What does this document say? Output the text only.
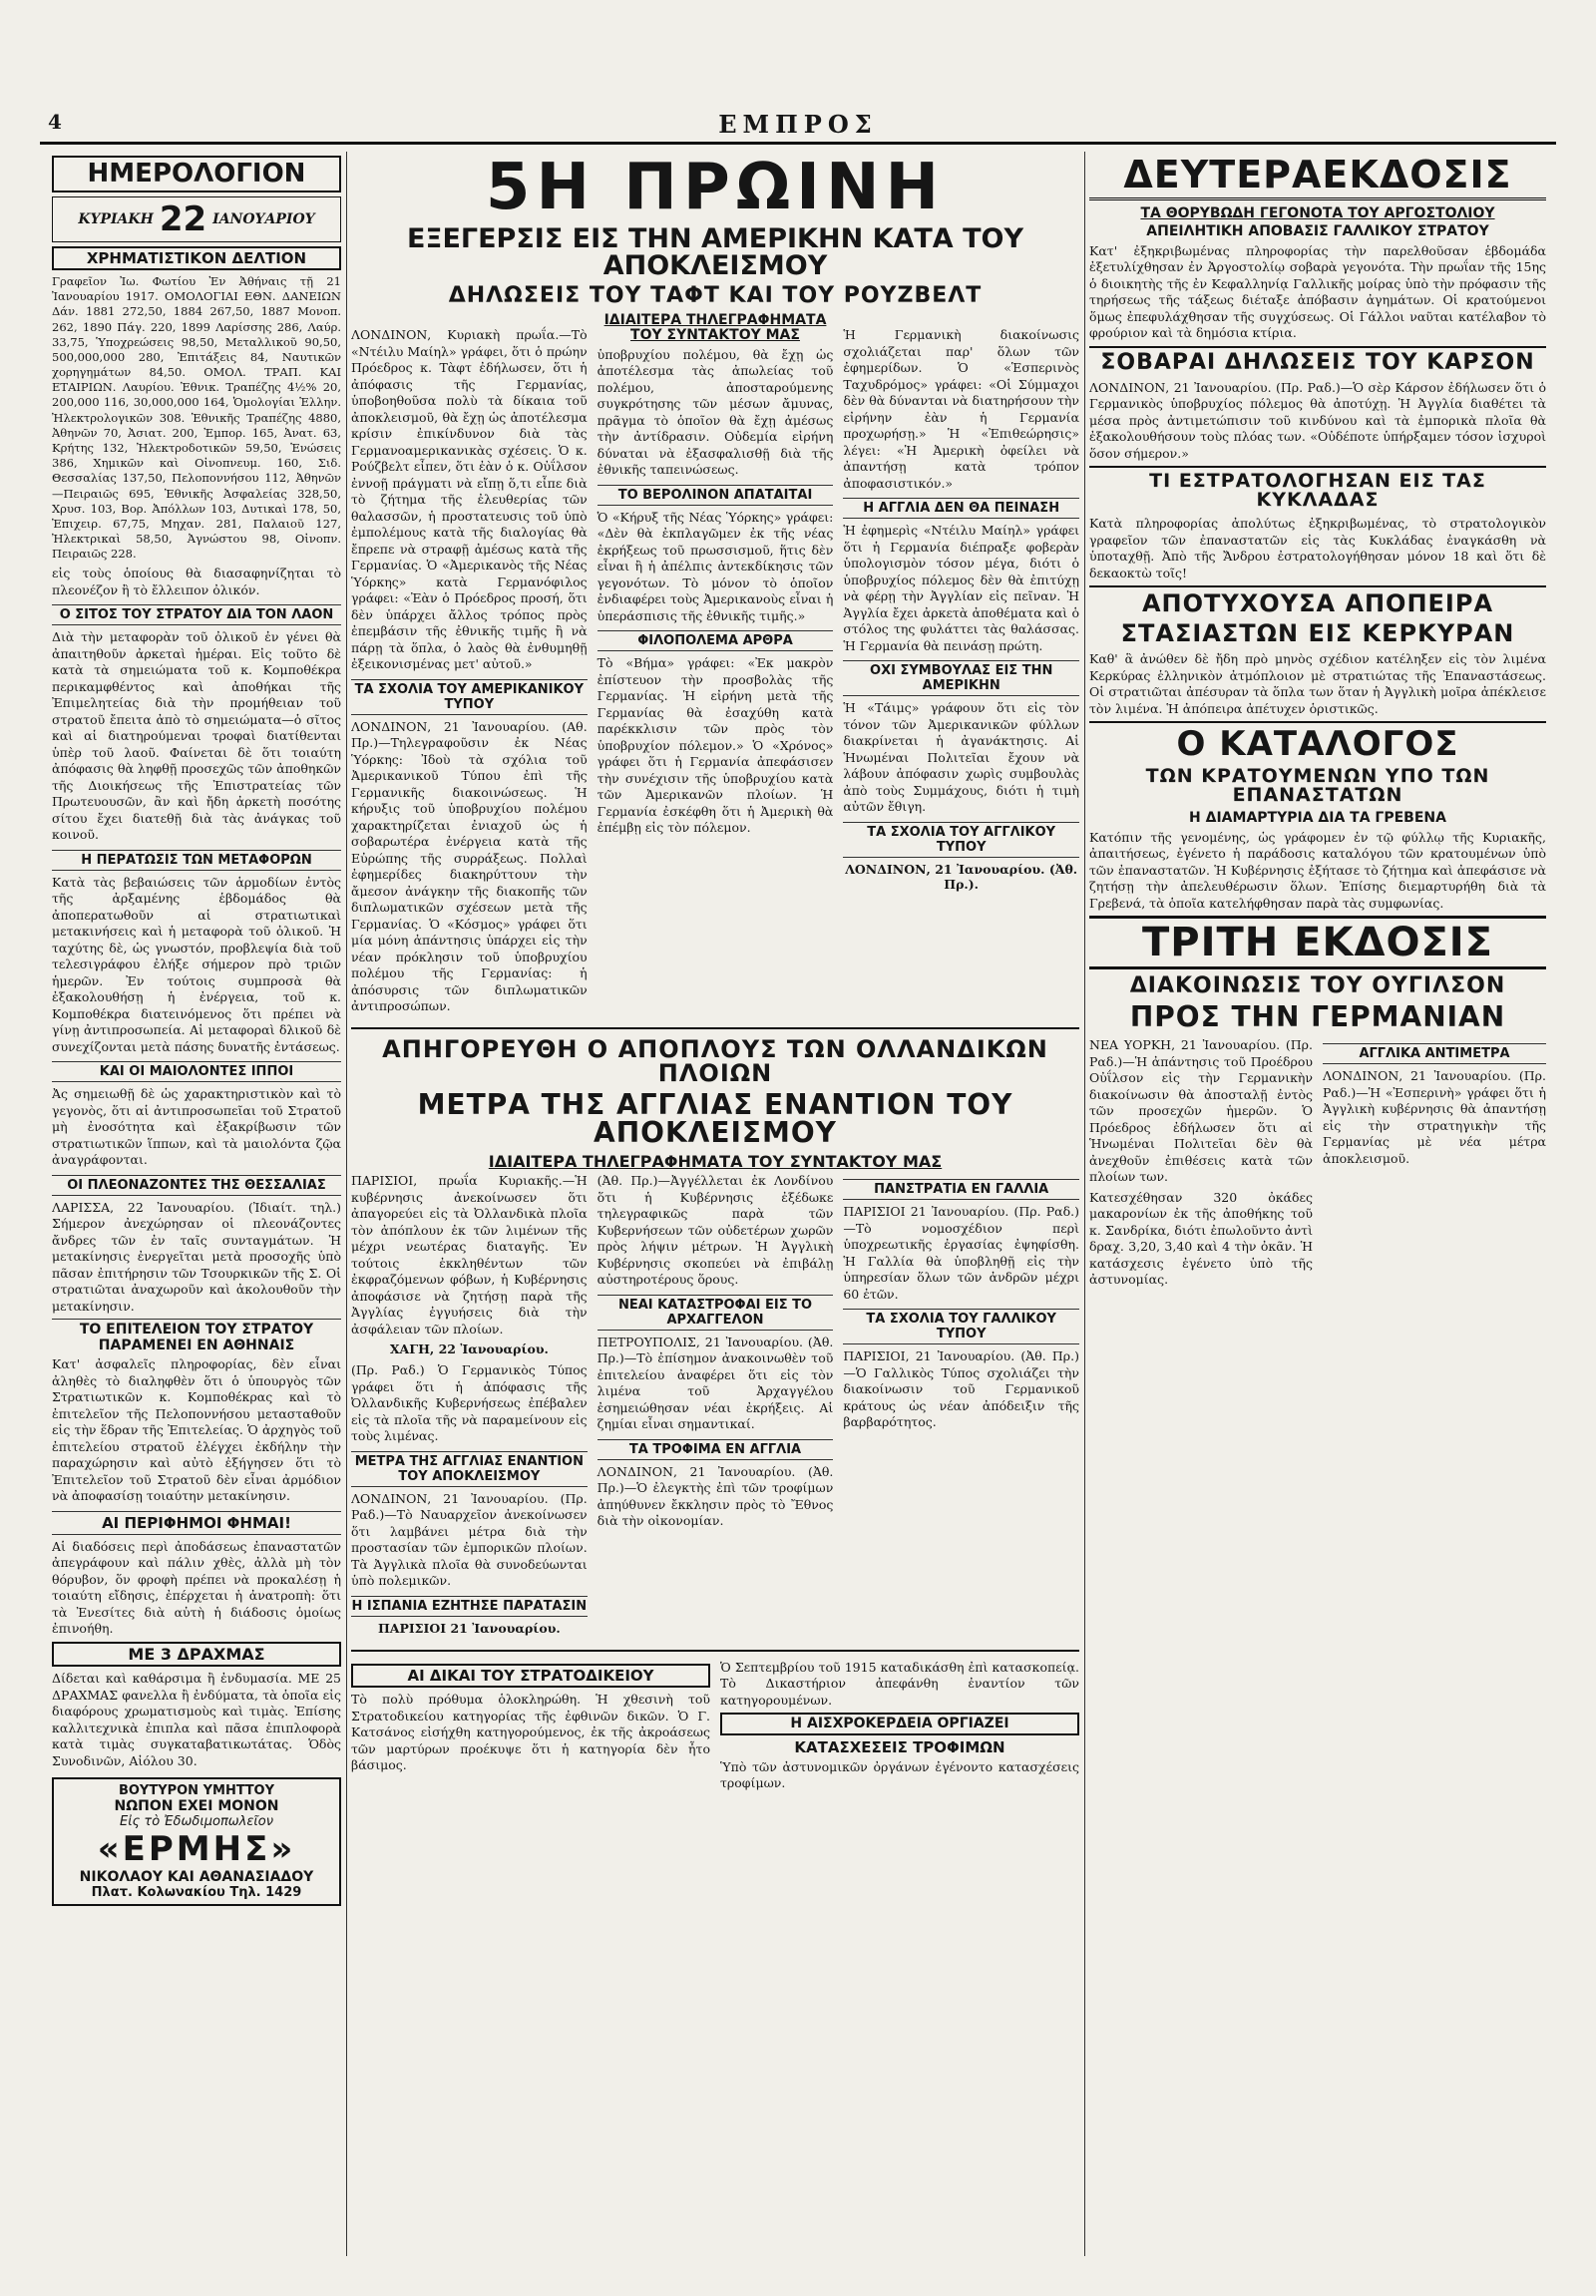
4	ΕΜΠΡΟΣ
ΗΜΕΡΟΛΟΓΙΟΝ
ΚΥΡΙΑΚΗ 22 ΙΑΝΟΥΑΡΙΟΥ
ΧΡΗΜΑΤΙΣΤΙΚΟΝ ΔΕΛΤΙΟΝ

Γραφεῖον Ἰω. Φωτίου Ἐν Ἀθήναις τῇ 21 Ἰανουαρίου 1917. ΟΜΟΛΟΓΙΑΙ ΕΘΝ. ΔΑΝΕΙΩΝ Δάν. 1881 272,50, 1884 267,50, 1887 Μονοπ. 262, 1890 Πάγ. 220, 1899 Λαρίσσης 286, Λαύρ. 33,75, Ὑποχρεώσεις 98,50, Μεταλλικοῦ 90,50, 500,000,000 280, Ἐπιτάξεις 84, Ναυτικῶν χορηγημάτων 84,50. ΟΜΟΛ. ΤΡΑΠ. ΚΑΙ ΕΤΑΙΡΙΩΝ. Λαυρίου. Ἐθνικ. Τραπέζης 4½% 20, 200,000 116, 30,000,000 164, Ὁμολογίαι Ἑλλην. Ἠλεκτρολογικῶν 308. Ἐθνικῆς Τραπέζης 4880, Ἀθηνῶν 70, Ἀσιατ. 200, Ἐμπορ. 165, Ἀνατ. 63, Κρήτης 132, Ἠλεκτροδοτικῶν 59,50, Ἑνώσεις 386, Χημικῶν καὶ Οἰνοπνευμ. 160, Σιδ. Θεσσαλίας 137,50, Πελοποννήσου 112, Ἀθηνῶν—Πειραιῶς 695, Ἐθνικῆς Ἀσφαλείας 328,50, Χρυσ. 103, Βορ. Ἀπόλλων 103, Δυτικαὶ 178, 50, Ἐπιχειρ. 67,75, Μηχαν. 281, Παλαιοῦ 127, Ἠλεκτρικαὶ 58,50, Ἀγνώστου 98, Οἰνοπν. Πειραιῶς 228.

εἰς τοὺς ὁποίους θὰ διασαφηνίζηται τὸ πλεονέζον ἢ τὸ ἔλλειπον ὀλικόν.

Ο ΣΙΤΟΣ ΤΟΥ ΣΤΡΑΤΟΥ ΔΙΑ ΤΟΝ ΛΑΟΝ

Διὰ τὴν μεταφορὰν τοῦ ὀλικοῦ ἐν γένει θὰ ἀπαιτηθοῦν ἀρκεταὶ ἡμέραι. Εἰς τοῦτο δὲ κατὰ τὰ σημειώματα τοῦ κ. Κομποθέκρα περικαμφθέντος καὶ ἀποθήκαι τῆς Ἐπιμελητείας διὰ τὴν προμήθειαν τοῦ στρατοῦ ἔπειτα ἀπὸ τὸ σημειώματα—ὁ σῖτος καὶ αἱ διατηρούμεναι τροφαὶ διατίθενται ὑπὲρ τοῦ λαοῦ. Φαίνεται δὲ ὅτι τοιαύτη ἀπόφασις θὰ ληφθῇ προσεχῶς τῶν ἀποθηκῶν τῆς Διοικήσεως τῆς Ἐπιστρατείας τῶν Πρωτευουσῶν, ἂν καὶ ἤδη ἀρκετὴ ποσότης σίτου ἔχει διατεθῇ διὰ τὰς ἀνάγκας τοῦ κοινοῦ.

Η ΠΕΡΑΤΩΣΙΣ ΤΩΝ ΜΕΤΑΦΟΡΩΝ

Κατὰ τὰς βεβαιώσεις τῶν ἁρμοδίων ἐντὸς τῆς ἀρξαμένης ἑβδομάδος θὰ ἀποπερατωθοῦν αἱ στρατιωτικαὶ μετακινήσεις καὶ ἡ μεταφορὰ τοῦ ὀλικοῦ. Ἡ ταχύτης δὲ, ὡς γνωστόν, προβλεψία διὰ τοῦ τελεσιγράφου ἐλήξε σήμερον πρὸ τριῶν ἡμερῶν. Ἐν τούτοις συμπροσὰ θὰ ἐξακολουθήσῃ ἡ ἐνέργεια, τοῦ κ. Κομποθέκρα διατεινόμενος ὅτι πρέπει νὰ γίνῃ ἀντιπροσωπεία. Αἱ μεταφοραὶ δλικοῦ δὲ συνεχίζονται μετὰ πάσης δυνατῆς ἐντάσεως.

ΚΑΙ ΟΙ ΜΑΙΟΛΟΝΤΕΣ ΙΠΠΟΙ

Ἀς σημειωθῇ δὲ ὡς χαρακτηριστικὸν καὶ τὸ γεγονὸς, ὅτι αἱ ἀντιπροσωπεῖαι τοῦ Στρατοῦ μὴ ἐνοσότητα καὶ ἐξακρίβωσιν τῶν στρατιωτικῶν ἵππων, καὶ τὰ μαιολόντα ζῷα ἀναγράφονται.

ΟΙ ΠΛΕΟΝΑΖΟΝΤΕΣ ΤΗΣ ΘΕΣΣΑΛΙΑΣ

ΛΑΡΙΣΣΑ, 22 Ἰανουαρίου. (Ἰδιαίτ. τηλ.) Σήμερον ἀνεχώρησαν οἱ πλεονάζοντες ἄνδρες τῶν ἐν ταῖς συνταγμάτων. Ἡ μετακίνησις ἐνεργεῖται μετὰ προσοχῆς ὑπὸ πᾶσαν ἐπιτήρησιν τῶν Τσουρκικῶν τῆς Σ. Οἱ στρατιῶται ἀναχωροῦν καὶ ἀκολουθοῦν τὴν μετακίνησιν.

ΤΟ ΕΠΙΤΕΛΕΙΟΝ ΤΟΥ ΣΤΡΑΤΟΥ ΠΑΡΑΜΕΝΕΙ ΕΝ ΑΘΗΝΑΙΣ

Κατ' ἀσφαλεῖς πληροφορίας, δὲν εἶναι ἀληθὲς τὸ διαληφθὲν ὅτι ὁ ὑπουργὸς τῶν Στρατιωτικῶν κ. Κομποθέκρας καὶ τὸ ἐπιτελεῖον τῆς Πελοποννήσου μετασταθοῦν εἰς τὴν ἕδραν τῆς Ἐπιτελείας. Ὁ ἀρχηγὸς τοῦ ἐπιτελείου στρατοῦ ἐλέγχει ἐκδήλην τὴν παραχώρησιν καὶ αὐτὸ ἐξήγησεν ὅτι τὸ Ἐπιτελεῖον τοῦ Στρατοῦ δὲν εἶναι ἀρμόδιον νὰ ἀποφασίσῃ τοιαύτην μετακίνησιν.

ΑΙ ΠΕΡΙΦΗΜΟΙ ΦΗΜΑΙ!

Αἱ διαδόσεις περὶ ἀποδάσεως ἐπαναστατῶν ἀπεγράφουν καὶ πάλιν χθὲς, ἀλλὰ μὴ τὸν θόρυβον, ὅν φροφὴ πρέπει νὰ προκαλέσῃ ἡ τοιαύτη εἴδησις, ἐπέρχεται ἡ ἀνατροπὴ: ὅτι τὰ Ἐνεσίτες διὰ αὐτὴ ἡ διάδοσις ὁμοίως ἐπινοήθη.

ΜΕ 3 ΔΡΑΧΜΑΣ

Δίδεται καὶ καθάρσιμα ἢ ἐνδυμασία. ΜΕ 25 ΔΡΑΧΜΑΣ φανελλα ἢ ἐνδύματα, τὰ ὁποῖα εἰς διαφόρους χρωματισμοὺς καὶ τιμὰς. Ἐπίσης καλλιτεχνικὰ ἐπιπλα καὶ πᾶσα ἐπιπλοφορὰ κατὰ τιμὰς συγκαταβατικωτάτας. Ὁδὸς Συνοδινῶν, Αἰόλου 30.

ΒΟΥΤΥΡΟΝ ΥΜΗΤΤΟΥ
ΝΩΠΟΝ ΕΧΕΙ ΜΟΝΟΝ
Εἰς τὸ Ἐδωδιμοπωλεῖον
«ΕΡΜΗΣ»
ΝΙΚΟΛΑΟΥ ΚΑΙ ΑΘΑΝΑΣΙΑΔΟΥ
Πλατ. Κολωνακίου Τηλ. 1429
5Η ΠΡΩΙΝΗ
ΕΞΕΓΕΡΣΙΣ ΕΙΣ ΤΗΝ ΑΜΕΡΙΚΗΝ ΚΑΤΑ ΤΟΥ ΑΠΟΚΛΕΙΣΜΟΥ
ΔΗΛΩΣΕΙΣ ΤΟΥ ΤΑΦΤ ΚΑΙ ΤΟΥ ΡΟΥΖΒΕΛΤ

ΛΟΝΔΙΝΟΝ, Κυριακὴ πρωΐα.—Τὸ «Ντέιλυ Μαίηλ» γράφει, ὅτι ὁ πρώην Πρόεδρος κ. Τὰφτ ἐδήλωσεν, ὅτι ἡ ἀπόφασις τῆς Γερμανίας, ὑποβοηθοῦσα πολὺ τὰ δίκαια τοῦ ἀποκλεισμοῦ, θὰ ἔχῃ ὡς ἀποτέλεσμα κρίσιν ἐπικίνδυνον διὰ τὰς Γερμανοαμερικανικὰς σχέσεις. Ὁ κ. Ρούζβελτ εἶπεν, ὅτι ἐὰν ὁ κ. Οὐΐλσον ἐννοῇ πράγματι νὰ εἴπῃ ὅ,τι εἶπε διὰ τὸ ζήτημα τῆς ἐλευθερίας τῶν θαλασσῶν, ἡ προστατευσις τοῦ ὑπὸ ἐμπολέμους κατὰ τῆς διαλογίας θὰ ἔπρεπε νὰ στραφῇ ἀμέσως κατὰ τῆς Γερμανίας. Ὁ «Ἀμερικανὸς τῆς Νέας Ὑόρκης» κατὰ Γερμανόφιλος γράφει: «Ἐὰν ὁ Πρόεδρος προσή, ὅτι δὲν ὑπάρχει ἄλλος τρόπος πρὸς ἐπεμβάσιν τῆς ἐθνικῆς τιμῆς ἢ νὰ πάρῃ τὰ ὅπλα, ὁ λαὸς θὰ ἐνθυμηθῇ ἐξεικονισμένας μετ' αὐτοῦ.»

ΤΑ ΣΧΟΛΙΑ ΤΟΥ ΑΜΕΡΙΚΑΝΙΚΟΥ ΤΥΠΟΥ

ΛΟΝΔΙΝΟΝ, 21 Ἰανουαρίου. (Αθ. Πρ.)—Τηλεγραφοῦσιν ἐκ Νέας Ὑόρκης: Ἰδοὺ τὰ σχόλια τοῦ Ἀμερικανικοῦ Τύπου ἐπὶ τῆς Γερμανικῆς διακοινώσεως. Ἡ κήρυξις τοῦ ὑποβρυχίου πολέμου χαρακτηρίζεται ἐνιαχοῦ ὡς ἡ σοβαρωτέρα ἐνέργεια κατὰ τῆς Εὐρώπης τῆς συρράξεως. Πολλαὶ ἐφημερίδες διακηρύττουν τὴν ἄμεσον ἀνάγκην τῆς διακοπῆς τῶν διπλωματικῶν σχέσεων μετὰ τῆς Γερμανίας. Ὁ «Κόσμος» γράφει ὅτι μία μόνη ἀπάντησις ὑπάρχει εἰς τὴν νέαν πρόκλησιν τοῦ ὑποβρυχίου πολέμου τῆς Γερμανίας: ἡ ἀπόσυρσις τῶν διπλωματικῶν ἀντιπροσώπων.

ΙΔΙΑΙΤΕΡΑ ΤΗΛΕΓΡΑΦΗΜΑΤΑ ΤΟΥ ΣΥΝΤΑΚΤΟΥ ΜΑΣ

ὑποβρυχίου πολέμου, θὰ ἔχῃ ὡς ἀποτέλεσμα τὰς ἀπωλείας τοῦ πολέμου, ἀποσταρούμενης συγκρότησης τῶν μέσων ἄμυνας, πρᾶγμα τὸ ὁποῖον θὰ ἔχῃ ἀμέσως τὴν ἀντίδρασιν. Οὐδεμία εἰρήνη δύναται νὰ ἐξασφαλισθῇ διὰ τῆς ἐθνικῆς ταπεινώσεως.

ΤΟ ΒΕΡΟΛΙΝΟΝ ΑΠΑΤΑΙΤΑΙ

Ὁ «Κήρυξ τῆς Νέας Ὑόρκης» γράφει: «Δὲν θὰ ἐκπλαγῶμεν ἐκ τῆς νέας ἐκρήξεως τοῦ πρωσσισμοῦ, ἥτις δὲν εἶναι ἢ ἡ ἀπέλπις ἀντεκδίκησις τῶν γεγονότων. Τὸ μόνον τὸ ὁποῖον ἐνδιαφέρει τοὺς Ἀμερικανοὺς εἶναι ἡ ὑπεράσπισις τῆς ἐθνικῆς τιμῆς.»

ΦΙΛΟΠΟΛΕΜΑ ΑΡΘΡΑ

Τὸ «Βήμα» γράφει: «Ἐκ μακρὸν ἐπίστευον τὴν προσβολὰς τῆς Γερμανίας. Ἡ εἰρήνη μετὰ τῆς Γερμανίας θὰ ἐσαχύθη κατὰ παρέκκλισιν τῶν πρὸς τὸν ὑποβρυχίον πόλεμον.» Ὁ «Χρόνος» γράφει ὅτι ἡ Γερμανία ἀπεφάσισεν τὴν συνέχισιν τῆς ὑποβρυχίου κατὰ τῶν Ἀμερικανῶν πλοίων. Ἡ Γερμανία ἐσκέφθη ὅτι ἡ Ἀμερικὴ θὰ ἐπέμβῃ εἰς τὸν πόλεμον.

Ἡ Γερμανικὴ διακοίνωσις σχολιάζεται παρ' ὅλων τῶν ἐφημερίδων. Ὁ «Ἑσπερινὸς Ταχυδρόμος» γράφει: «Οἱ Σύμμαχοι δὲν θὰ δύνανται νὰ διατηρήσουν τὴν εἰρήνην ἐὰν ἡ Γερμανία προχωρήσῃ.» Ἡ «Ἐπιθεώρησις» λέγει: «Ἡ Ἀμερικὴ ὀφείλει νὰ ἀπαντήσῃ κατὰ τρόπον ἀποφασιστικόν.»

Η ΑΓΓΛΙΑ ΔΕΝ ΘΑ ΠΕΙΝΑΣΗ

Ἡ ἐφημερὶς «Ντέιλυ Μαίηλ» γράφει ὅτι ἡ Γερμανία διέπραξε φοβερὰν ὑπολογισμὸν τόσον μέγα, διότι ὁ ὑποβρυχίος πόλεμος δὲν θὰ ἐπιτύχῃ νὰ φέρῃ τὴν Ἀγγλίαν εἰς πεῖναν. Ἡ Ἀγγλία ἔχει ἀρκετὰ ἀποθέματα καὶ ὁ στόλος της φυλάττει τὰς θαλάσσας. Ἡ Γερμανία θὰ πεινάσῃ πρώτη.

ΟΧΙ ΣΥΜΒΟΥΛΑΣ ΕΙΣ ΤΗΝ ΑΜΕΡΙΚΗΝ

Ἡ «Τάιμς» γράφουν ὅτι εἰς τὸν τόνον τῶν Ἀμερικανικῶν φύλλων διακρίνεται ἡ ἀγανάκτησις. Αἱ Ἡνωμέναι Πολιτεῖαι ἔχουν νὰ λάβουν ἀπόφασιν χωρὶς συμβουλὰς ἀπὸ τοὺς Συμμάχους, διότι ἡ τιμὴ αὐτῶν ἔθιγη.

ΤΑ ΣΧΟΛΙΑ ΤΟΥ ΑΓΓΛΙΚΟΥ ΤΥΠΟΥ

ΛΟΝΔΙΝΟΝ, 21 Ἰανουαρίου. (Ἀθ. Πρ.).

ΑΠΗΓΟΡΕΥΘΗ Ο ΑΠΟΠΛΟΥΣ ΤΩΝ ΟΛΛΑΝΔΙΚΩΝ ΠΛΟΙΩΝ
ΜΕΤΡΑ ΤΗΣ ΑΓΓΛΙΑΣ ΕΝΑΝΤΙΟΝ ΤΟΥ ΑΠΟΚΛΕΙΣΜΟΥ
ΙΔΙΑΙΤΕΡΑ ΤΗΛΕΓΡΑΦΗΜΑΤΑ ΤΟΥ ΣΥΝΤΑΚΤΟΥ ΜΑΣ

ΠΑΡΙΣΙΟΙ, πρωΐα Κυριακῆς.—Ἡ κυβέρνησις ἀνεκοίνωσεν ὅτι ἀπαγορεύει εἰς τὰ Ὀλλανδικὰ πλοῖα τὸν ἀπόπλουν ἐκ τῶν λιμένων τῆς μέχρι νεωτέρας διαταγῆς. Ἐν τούτοις ἐκκληθέντων τῶν ἐκφραζόμενων φόβων, ἡ Κυβέρνησις ἀποφάσισε νὰ ζητήσῃ παρὰ τῆς Ἀγγλίας ἐγγυήσεις διὰ τὴν ἀσφάλειαν τῶν πλοίων.

ΧΑΓΗ, 22 Ἰανουαρίου.

(Πρ. Ραδ.) Ὁ Γερμανικὸς Τύπος γράφει ὅτι ἡ ἀπόφασις τῆς Ὀλλανδικῆς Κυβερνήσεως ἐπέβαλεν εἰς τὰ πλοῖα τῆς νὰ παραμείνουν εἰς τοὺς λιμένας.

ΜΕΤΡΑ ΤΗΣ ΑΓΓΛΙΑΣ ΕΝΑΝΤΙΟΝ ΤΟΥ ΑΠΟΚΛΕΙΣΜΟΥ

ΛΟΝΔΙΝΟΝ, 21 Ἰανουαρίου. (Πρ. Ραδ.)—Τὸ Ναυαρχεῖον ἀνεκοίνωσεν ὅτι λαμβάνει μέτρα διὰ τὴν προστασίαν τῶν ἐμπορικῶν πλοίων. Τὰ Ἀγγλικὰ πλοῖα θὰ συνοδεύωνται ὑπὸ πολεμικῶν.

Η ΙΣΠΑΝΙΑ ΕΖΗΤΗΣΕ ΠΑΡΑΤΑΣΙΝ

ΠΑΡΙΣΙΟΙ 21 Ἰανουαρίου.

(Ἀθ. Πρ.)—Ἀγγέλλεται ἐκ Λονδίνου ὅτι ἡ Κυβέρνησις ἐξέδωκε τηλεγραφικῶς παρὰ τῶν Κυβερνήσεων τῶν οὐδετέρων χωρῶν πρὸς λήψιν μέτρων. Ἡ Ἀγγλικὴ Κυβέρνησις σκοπεύει νὰ ἐπιβάλῃ αὐστηροτέρους ὅρους.

ΝΕΑΙ ΚΑΤΑΣΤΡΟΦΑΙ ΕΙΣ ΤΟ ΑΡΧΑΓΓΕΛΟΝ

ΠΕΤΡΟΥΠΟΛΙΣ, 21 Ἰανουαρίου. (Ἀθ. Πρ.)—Τὸ ἐπίσημον ἀνακοινωθὲν τοῦ ἐπιτελείου ἀναφέρει ὅτι εἰς τὸν λιμένα τοῦ Ἀρχαγγέλου ἐσημειώθησαν νέαι ἐκρήξεις. Αἱ ζημίαι εἶναι σημαντικαί.

ΤΑ ΤΡΟΦΙΜΑ ΕΝ ΑΓΓΛΙΑ

ΛΟΝΔΙΝΟΝ, 21 Ἰανουαρίου. (Ἀθ. Πρ.)—Ὁ ἐλεγκτὴς ἐπὶ τῶν τροφίμων ἀπηύθυνεν ἔκκλησιν πρὸς τὸ Ἔθνος διὰ τὴν οἰκονομίαν.

ΠΑΝΣΤΡΑΤΙΑ ΕΝ ΓΑΛΛΙΑ

ΠΑΡΙΣΙΟΙ 21 Ἰανουαρίου. (Πρ. Ραδ.)—Τὸ νομοσχέδιον περὶ ὑποχρεωτικῆς ἐργασίας ἐψηφίσθη. Ἡ Γαλλία θὰ ὑποβληθῇ εἰς τὴν ὑπηρεσίαν ὅλων τῶν ἀνδρῶν μέχρι 60 ἐτῶν.

ΤΑ ΣΧΟΛΙΑ ΤΟΥ ΓΑΛΛΙΚΟΥ ΤΥΠΟΥ

ΠΑΡΙΣΙΟΙ, 21 Ἰανουαρίου. (Ἀθ. Πρ.)—Ὁ Γαλλικὸς Τύπος σχολιάζει τὴν διακοίνωσιν τοῦ Γερμανικοῦ κράτους ὡς νέαν ἀπόδειξιν τῆς βαρβαρότητος.

ΑΙ ΔΙΚΑΙ ΤΟΥ ΣΤΡΑΤΟΔΙΚΕΙΟΥ

Τὸ πολὺ πρόθυμα ὁλοκληρώθη. Ἡ χθεσινὴ τοῦ Στρατοδικείου κατηγορίας τῆς ἐφθινῶν δικῶν. Ὁ Γ. Κατσάνος εἰσήχθη κατηγορούμενος, ἐκ τῆς ἀκροάσεως τῶν μαρτύρων προέκυψε ὅτι ἡ κατηγορία δὲν ἦτο βάσιμος.

Ὁ Σεπτεμβρίου τοῦ 1915 καταδικάσθη ἐπὶ κατασκοπείᾳ. Τὸ Δικαστήριον ἀπεφάνθη ἐναντίον τῶν κατηγορουμένων.

Η ΑΙΣΧΡΟΚΕΡΔΕΙΑ ΟΡΓΙΑΖΕΙ
ΚΑΤΑΣΧΕΣΕΙΣ ΤΡΟΦΙΜΩΝ

Ὑπὸ τῶν ἀστυνομικῶν ὀργάνων ἐγένοντο κατασχέσεις τροφίμων.

ΔΕΥΤΕΡΑΕΚΔΟΣΙΣ
ΤΑ ΘΟΡΥΒΩΔΗ ΓΕΓΟΝΟΤΑ ΤΟΥ ΑΡΓΟΣΤΟΛΙΟΥ
ΑΠΕΙΛΗΤΙΚΗ ΑΠΟΒΑΣΙΣ ΓΑΛΛΙΚΟΥ ΣΤΡΑΤΟΥ

Κατ' ἐξηκριβωμένας πληροφορίας τὴν παρελθοῦσαν ἑβδομάδα ἐξετυλίχθησαν ἐν Ἀργοστολίῳ σοβαρὰ γεγονότα. Τὴν πρωΐαν τῆς 15ης ὁ διοικητὴς τῆς ἐν Κεφαλληνίᾳ Γαλλικῆς μοίρας ὑπὸ τὴν πρόφασιν τῆς τηρήσεως τῆς τάξεως διέταξε ἀπόβασιν ἀγημάτων. Οἱ κρατούμενοι ὅμως ἐπεφυλάχθησαν τῆς συγχύσεως. Οἱ Γάλλοι ναῦται κατέλαβον τὸ φρούριον καὶ τὰ δημόσια κτίρια.

ΣΟΒΑΡΑΙ ΔΗΛΩΣΕΙΣ ΤΟΥ ΚΑΡΣΟΝ

ΛΟΝΔΙΝΟΝ, 21 Ἰανουαρίου. (Πρ. Ραδ.)—Ὁ σὲρ Κάρσον ἐδήλωσεν ὅτι ὁ Γερμανικὸς ὑποβρυχίος πόλεμος θὰ ἀποτύχῃ. Ἡ Ἀγγλία διαθέτει τὰ μέσα πρὸς ἀντιμετώπισιν τοῦ κινδύνου καὶ τὰ ἐμπορικὰ πλοῖα θὰ ἐξακολουθήσουν τοὺς πλόας των. «Οὐδέποτε ὑπήρξαμεν τόσον ἰσχυροὶ ὅσον σήμερον.»

ΤΙ ΕΣΤΡΑΤΟΛΟΓΗΣΑΝ ΕΙΣ ΤΑΣ ΚΥΚΛΑΔΑΣ

Κατὰ πληροφορίας ἀπολύτως ἐξηκριβωμένας, τὸ στρατολογικὸν γραφεῖον τῶν ἐπαναστατῶν εἰς τὰς Κυκλάδας ἐναγκάσθη νὰ ὑποταχθῇ. Ἀπὸ τῆς Ἄνδρου ἐστρατολογήθησαν μόνον 18 καὶ ὅτι δὲ δεκαοκτὼ τοῖς!

ΑΠΟΤΥΧΟΥΣΑ ΑΠΟΠΕΙΡΑ
ΣΤΑΣΙΑΣΤΩΝ ΕΙΣ ΚΕΡΚΥΡΑΝ

Καθ' ἃ ἀνώθεν δὲ ἤδη πρὸ μηνὸς σχέδιον κατέληξεν εἰς τὸν λιμένα Κερκύρας ἑλληνικὸν ἀτμόπλοιον μὲ στρατιώτας τῆς Ἐπαναστάσεως. Οἱ στρατιῶται ἀπέσυραν τὰ ὅπλα των ὅταν ἡ Ἀγγλικὴ μοῖρα ἀπέκλεισε τὸν λιμένα. Ἡ ἀπόπειρα ἀπέτυχεν ὁριστικῶς.

Ο ΚΑΤΑΛΟΓΟΣ
ΤΩΝ ΚΡΑΤΟΥΜΕΝΩΝ ΥΠΟ ΤΩΝ ΕΠΑΝΑΣΤΑΤΩΝ
Η ΔΙΑΜΑΡΤΥΡΙΑ ΔΙΑ ΤΑ ΓΡΕΒΕΝΑ

Κατόπιν τῆς γενομένης, ὡς γράφομεν ἐν τῷ φύλλῳ τῆς Κυριακῆς, ἀπαιτήσεως, ἐγένετο ἡ παράδοσις καταλόγου τῶν κρατουμένων ὑπὸ τῶν ἐπαναστατῶν. Ἡ Κυβέρνησις ἐξήτασε τὸ ζήτημα καὶ ἀπεφάσισε νὰ ζητήσῃ τὴν ἀπελευθέρωσιν ὅλων. Ἐπίσης διεμαρτυρήθη διὰ τὰ Γρεβενά, τὰ ὁποῖα κατελήφθησαν παρὰ τὰς συμφωνίας.

ΤΡΙΤΗ ΕΚΔΟΣΙΣ
ΔΙΑΚΟΙΝΩΣΙΣ ΤΟΥ ΟΥΓΙΛΣΟΝ
ΠΡΟΣ ΤΗΝ ΓΕΡΜΑΝΙΑΝ

ΝΕΑ ΥΟΡΚΗ, 21 Ἰανουαρίου. (Πρ. Ραδ.)—Ἡ ἀπάντησις τοῦ Προέδρου Οὐΐλσον εἰς τὴν Γερμανικὴν διακοίνωσιν θὰ ἀποσταλῇ ἐντὸς τῶν προσεχῶν ἡμερῶν. Ὁ Πρόεδρος ἐδήλωσεν ὅτι αἱ Ἡνωμέναι Πολιτεῖαι δὲν θὰ ἀνεχθοῦν ἐπιθέσεις κατὰ τῶν πλοίων των.

Κατεσχέθησαν 320 ὀκάδες μακαρονίων ἐκ τῆς ἀποθήκης τοῦ κ. Σανδρίκα, διότι ἐπωλοῦντο ἀντὶ δραχ. 3,20, 3,40 καὶ 4 τὴν ὀκᾶν. Ἡ κατάσχεσις ἐγένετο ὑπὸ τῆς ἀστυνομίας.

ΑΓΓΛΙΚΑ ΑΝΤΙΜΕΤΡΑ

ΛΟΝΔΙΝΟΝ, 21 Ἰανουαρίου. (Πρ. Ραδ.)—Ἡ «Ἐσπερινὴ» γράφει ὅτι ἡ Ἀγγλικὴ κυβέρνησις θὰ ἀπαντήσῃ εἰς τὴν στρατηγικὴν τῆς Γερμανίας μὲ νέα μέτρα ἀποκλεισμοῦ.
